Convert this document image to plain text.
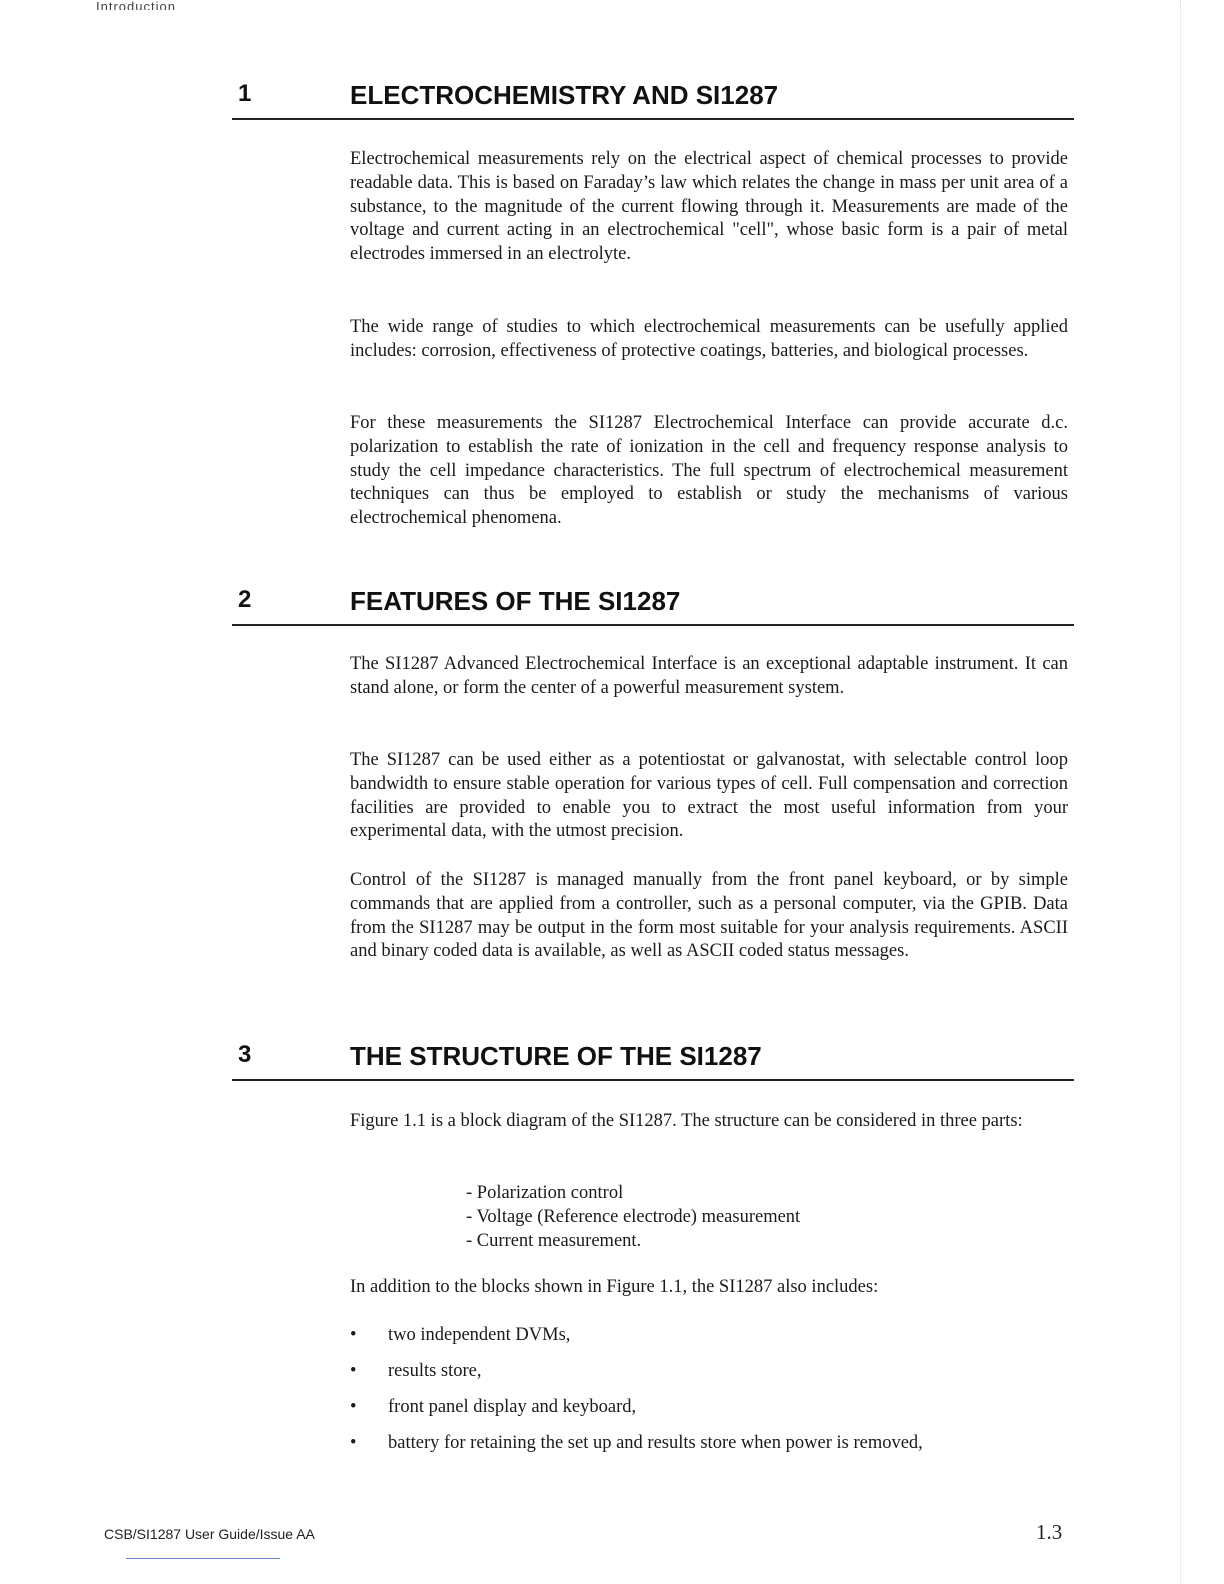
Introduction
1	ELECTROCHEMISTRY AND SI1287

Electrochemical measurements rely on the electrical aspect of chemical processes to provide readable data. This is based on Faraday’s law which relates the change in mass per unit area of a substance, to the magnitude of the current flowing through it. Measurements are made of the voltage and current acting in an electrochemical "cell", whose basic form is a pair of metal electrodes immersed in an electrolyte.

The wide range of studies to which electrochemical measurements can be usefully applied includes: corrosion, effectiveness of protective coatings, batteries, and biological processes.

For these measurements the SI1287 Electrochemical Interface can provide accurate d.c. polarization to establish the rate of ionization in the cell and frequency response analysis to study the cell impedance characteristics. The full spectrum of electrochemical measurement techniques can thus be employed to establish or study the mechanisms of various electrochemical phenomena.

2	FEATURES OF THE SI1287

The SI1287 Advanced Electrochemical Interface is an exceptional adaptable instrument. It can stand alone, or form the center of a powerful measurement system.

The SI1287 can be used either as a potentiostat or galvanostat, with selectable control loop bandwidth to ensure stable operation for various types of cell. Full compensation and correction facilities are provided to enable you to extract the most useful information from your experimental data, with the utmost precision.

Control of the SI1287 is managed manually from the front panel keyboard, or by simple commands that are applied from a controller, such as a personal computer, via the GPIB. Data from the SI1287 may be output in the form most suitable for your analysis requirements. ASCII and binary coded data is available, as well as ASCII coded status messages.

3	THE STRUCTURE OF THE SI1287

Figure 1.1 is a block diagram of the SI1287. The structure can be considered in three parts:

- Polarization control
- Voltage (Reference electrode) measurement
- Current measurement.

In addition to the blocks shown in Figure 1.1, the SI1287 also includes:

• two independent DVMs,
• results store,
• front panel display and keyboard,
• battery for retaining the set up and results store when power is removed,
CSB/SI1287 User Guide/Issue AA	1.3
